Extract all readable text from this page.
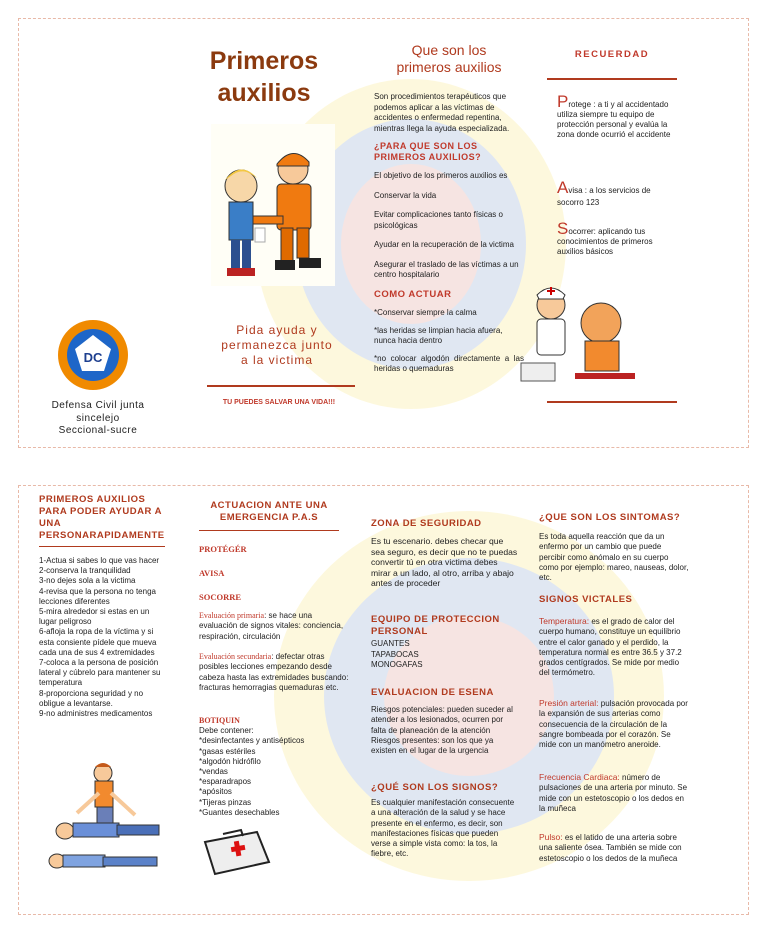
DC
Defensa Civil junta
sincelejo
Seccional-sucre
Primeros
auxilios
Pida ayuda y
permanezca junto
a la victima
TU PUEDES SALVAR UNA VIDA!!!
Que son los
primeros auxilios

Son procedimientos terapéuticos que podemos aplicar a las víctimas de accidentes o enfermedad repentina, mientras llega la ayuda especializada.

¿PARA QUE SON LOS PRIMEROS AUXILIOS?

El objetivo de los primeros auxilios es

Conservar la vida

Evitar complicaciones tanto físicas o psicológicas

Ayudar en la recuperación de la victima

Asegurar el traslado de las víctimas a un centro hospitalario

COMO ACTUAR

*Conservar siempre la calma

*las heridas se limpian hacia afuera, nunca hacia dentro

*no colocar algodón directamente a las heridas o quemaduras

RECUERDAD
Protege : a ti y al accidentado utiliza siempre tu equipo de protección personal y evalúa la zona donde ocurrió el accidente
Avisa : a los servicios de socorro 123
Socorrer: aplicando tus conocimientos de primeros auxilios básicos
PRIMEROS AUXILIOS PARA PODER AYUDAR A UNA PERSONARAPIDAMENTE
1-Actua si sabes lo que vas hacer
2-conserva la tranquilidad
3-no dejes sola a la victima
4-revisa que la persona no tenga lecciones diferentes
5-mira alrededor si estas en un lugar peligroso
6-afloja la ropa de la víctima y si esta consiente pídele que mueva cada una de sus 4 extremidades
7-coloca a la persona de posición lateral y cúbrelo para mantener su temperatura
8-proporciona seguridad y no obligue a levantarse.
9-no administres medicamentos
ACTUACION ANTE UNA EMERGENCIA P.A.S
PROTÉGÉR
AVISA
SOCORRE
Evaluación primaria: se hace una evaluación de signos vitales: conciencia, respiración, circulación
Evaluación secundaria: defectar otras posibles lecciones empezando desde cabeza hasta las extremidades buscando: fracturas hemorragias quemaduras etc.
BOTIQUIN
Debe contener:
*desinfectantes y antisépticos
*gasas estériles
*algodón hidrófilo
*vendas
*esparadrapos
*apósitos
*Tijeras pinzas
*Guantes desechables
ZONA DE SEGURIDAD
Es tu escenario. debes checar que sea seguro, es decir que no te puedas convertir tú en otra victima debes mirar a un lado, al otro, arriba y abajo antes de proceder
EQUIPO DE PROTECCION PERSONAL
GUANTES
TAPABOCAS
MONOGAFAS
EVALUACION DE ESENA
Riesgos potenciales: pueden suceder al atender a los lesionados, ocurren por falta de planeación de la atención Riesgos presentes: son los que ya existen en el lugar de la urgencia
¿QUÉ SON LOS SIGNOS?
Es cualquier manifestación consecuente a una alteración de la salud y se hace presente en el enfermo, es decir, son manifestaciones físicas que pueden verse a simple vista como: la tos, la fiebre, etc.
¿QUE SON LOS SINTOMAS?
Es toda aquella reacción que da un enfermo por un cambio que puede percibir como anómalo en su cuerpo como por ejemplo: mareo, nauseas, dolor, etc.
SIGNOS VICTALES
Temperatura: es el grado de calor del cuerpo humano, constituye un equilibrio entre el calor ganado y el perdido, la temperatura normal es entre 36.5 y 37.2 grados centígrados. Se mide por medio del termómetro.
Presión arterial: pulsación provocada por la expansión de sus arterias como consecuencia de la circulación de la sangre bombeada por el corazón. Se mide con un manómetro aneroide.
Frecuencia Cardiaca: número de pulsaciones de una arteria por minuto. Se mide con un estetoscopio o los dedos en la muñeca
Pulso: es el latido de una arteria sobre una saliente ósea. También se mide con estetoscopio o los dedos de la muñeca
